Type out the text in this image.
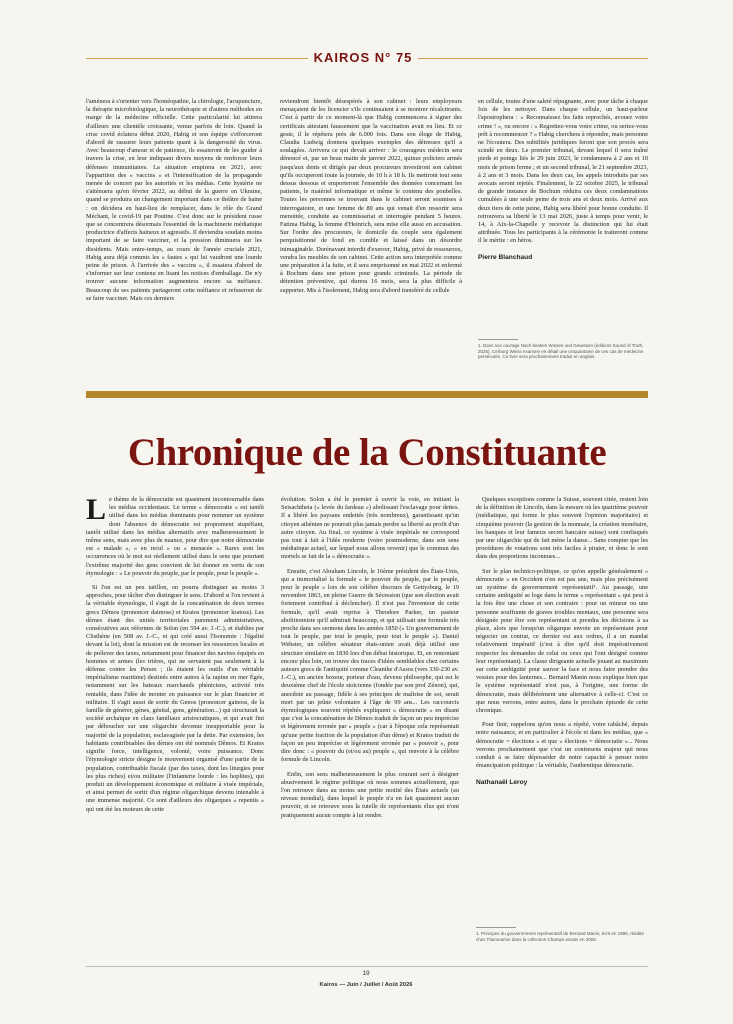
KAIROS N° 75

l'amènera à s'orienter vers l'homéopathie, la chirologie, l'acupuncture, la thérapie microbiologique, la neurothérapie et d'autres méthodes en marge de la médecine officielle. Cette particularité lui attirera d'ailleurs une clientèle croissante, venue parfois de loin. Quand la crise covid éclatera début 2020, Habig et son équipe s'efforceront d'abord de rassurer leurs patients quant à la dangerosité du virus. Avec beaucoup d'amour et de patience, ils essaieront de les guider à travers la crise, en leur indiquant divers moyens de renforcer leurs défenses immunitaires. La situation empirera en 2021, avec l'apparition des « vaccins » et l'intensification de la propagande menée de concert par les autorités et les médias. Cette hystérie ne s'atténuera qu'en février 2022, au début de la guerre en Ukraine, quand se produira un changement important dans ce théâtre de haine : on décidera en haut-lieu de remplacer, dans le rôle du Grand Méchant, le covid-19 par Poutine. C'est donc sur le président russe que se concentrera désormais l'essentiel de la machinerie médiatique productrice d'affects haineux et agressifs. Il deviendra soudain moins important de se faire vacciner, et la pression diminuera sur les dissidents. Mais entre-temps, au cours de l'année cruciale 2021, Habig aura déjà commis les « fautes » qui lui vaudront une lourde peine de prison. À l'arrivée des « vaccins », il essaiera d'abord de s'informer sur leur contenu en lisant les notices d'emballage. De n'y trouver aucune information augmentera encore sa méfiance. Beaucoup de ses patients partageront cette méfiance et refuseront de se faire vacciner. Mais ces derniers

reviendront bientôt désespérés à son cabinet : leurs employeurs menaçaient de les licencier s'ils continuaient à se montrer récalcitrants. C'est à partir de ce moment-là que Habig commencera à signer des certificats attestant faussement que la vaccination avait eu lieu. Et ce geste, il le répétera près de 6.000 fois. Dans son éloge de Habig, Claudia Ludwig donnera quelques exemples des détresses qu'il a soulagées. Arrivera ce qui devait arriver : le courageux médecin sera dénoncé et, par un beau matin de janvier 2022, quinze policiers armés jusqu'aux dents et dirigés par deux procureurs investiront son cabinet qu'ils occuperont toute la journée, de 10 h à 18 h. Ils mettront tout sens dessus dessous et emporteront l'ensemble des données concernant les patients, le matériel informatique et même le contenu des poubelles. Toutes les personnes se trouvant dans le cabinet seront soumises à interrogatoire, et une femme de 80 ans qui venait d'en ressortir sera menottée, conduite au commissariat et interrogée pendant 5 heures. Fatima Habig, la femme d'Heinrich, sera mise elle aussi en accusation. Sur l'ordre des procureurs, le domicile du couple sera également perquisitionné de fond en comble et laissé dans un désordre inimaginable. Dorénavant interdit d'exercer, Habig, privé de ressources, vendra les meubles de son cabinet. Cette action sera interprétée comme une préparation à la fuite, et il sera emprisonné en mai 2022 et enfermé à Bochum dans une prison pour grands criminels. La période de détention préventive, qui durera 16 mois, sera la plus difficile à supporter. Mis à l'isolement, Habig sera d'abord transféré de cellule

en cellule, toutes d'une saleté répugnante, avec pour tâche à chaque fois de les nettoyer. Dans chaque cellule, un haut-parleur l'apostrophera : « Reconnaissez les faits reprochés, avouez votre crime ! », ou encore : « Regrettez-vous votre crime, ou seriez-vous prêt à recommencer ? » Habig cherchera à répondre, mais personne ne l'écoutera. Des subtilités juridiques feront que son procès sera scindé en deux. Le premier tribunal, devant lequel il sera traîné pieds et poings liés le 29 juin 2023, le condamnera à 2 ans et 10 mois de prison ferme ; et un second tribunal, le 21 septembre 2023, à 2 ans et 3 mois. Dans les deux cas, les appels introduits par ses avocats seront rejetés. Finalement, le 22 octobre 2025, le tribunal de grande instance de Bochum réduira ces deux condamnations cumulées à une seule peine de trois ans et deux mois. Arrivé aux deux tiers de cette peine, Habig sera libéré pour bonne conduite. Il retrouvera sa liberté le 13 mai 2026, juste à temps pour venir, le 14, à Aix-la-Chapelle y recevoir la distinction qui lui était attribuée. Tous les participants à la cérémonie le traiteront comme il le mérite : en héros.

Pierre Blanchaud
1. Dans son ouvrage Nach bestem Wissen und Gewissen (éditions Sound of Truth, 2025), Cerburg Weiss examine en détail une cinquantaine de ces cas de médecins persécutés. Ce livre sera prochainement traduit en anglais.
Chronique de la Constituante

Le thème de la démocratie est quasiment incontournable dans les médias occidentaux. Le terme « démocratie » est tantôt utilisé dans les médias dominants pour nommer un système dont l'absence de démocratie est proprement stupéfiant, tantôt utilisé dans les médias alternatifs avec malheureusement le même sens, mais avec plus de nuance, pour dire que notre démocratie est « malade », « en recul » ou « menacée ». Rares sont les occurrences où le mot est réellement utilisé dans le sens que pourtant l'extrême majorité des gens convient de lui donner en vertu de son étymologie : « Le pouvoir du peuple, par le peuple, pour le peuple ».

Si l'on est un peu tatillon, on pourra distinguer au moins 3 approches, pour tâcher d'en distinguer le sens. D'abord si l'on revient à la véritable étymologie, il s'agit de la concaténation de deux termes grecs Dêmos (prononcer daimoss) et Kratos (prononcer kratoss). Les dèmes étant des unités territoriales purement administratives, consécutives aux réformes de Solon (en 594 av. J.-C.), et établies par Clisthène (en 508 av. J.-C., et qui créé aussi l'Isonomie : l'égalité devant la loi), dont la mission est de recenser les ressources locales et de prélever des taxes, notamment pour financer des navires équipés en hommes et armes (les trières, qui ne servaient pas seulement à la défense contre les Perses ; ils étaient les outils d'un véritable impérialisme maritime) destinés entre autres à la rapine en mer Égée, notamment sur les bateaux marchands phéniciens, activité très rentable, dans l'idée de monter en puissance sur le plan financier et militaire. Il s'agit aussi de sortir du Genos (prononcer gainoss, de la famille de générer, gènes, génital, gens, génération...) qui structurait la société archaïque en clans familiaux aristocratiques, et qui avait fini par déboucher sur une oligarchie devenue insupportable pour la majorité de la population, esclavagisée par la dette. Par extension, les habitants contribuables des dèmes ont été nommés Dêmos. Et Kratos signifie force, intelligence, volonté, voire puissance. Donc l'étymologie stricte désigne le mouvement organisé d'une partie de la population, contribuable fiscale (par des taxes, dont les liturgies pour les plus riches) et/ou militaire (l'infanterie lourde : les hoplites), qui produit un développement économique et militaire à visée impériale, et ainsi permet de sortir d'un régime oligarchique devenu intenable à une immense majorité. Ce sont d'ailleurs des oligarques « repentis » qui ont été les moteurs de cette

évolution. Solon a été le premier à ouvrir la voie, en initiant la Seisachtheia (« levée du fardeau ») abolissant l'esclavage pour dettes. Il a libéré les paysans endettés (très nombreux), garantissant qu'un citoyen athénien ne pourrait plus jamais perdre sa liberté au profit d'un autre citoyen. Au final, ce système à visée impériale ne correspond pas tout à fait à l'idée moderne (voire postmoderne, dans son sens médiatique actuel, sur lequel nous allons revenir) que le commun des mortels se fait de la « démocratie ».

Ensuite, c'est Abraham Lincoln, le 16ème président des États-Unis, qui a immortalisé la formule « le pouvoir du peuple, par le peuple, pour le peuple » lors de son célèbre discours de Gettysburg, le 19 novembre 1863, en pleine Guerre de Sécession (que son élection avait fortement contribué à déclencher). Il n'est pas l'inventeur de cette formule, qu'il avait reprise à Theodore Parker, un pasteur abolitionniste qu'il admirait beaucoup, et qui utilisait une formule très proche dans ses sermons dans les années 1850 (« Un gouvernement de tout le peuple, par tout le peuple, pour tout le peuple »). Daniel Webster, un célèbre sénateur états-unien avait déjà utilisé une structure similaire en 1830 lors d'un débat historique. Et, en remontant encore plus loin, on trouve des traces d'idées semblables chez certains auteurs grecs de l'antiquité comme Cleanthe d'Assos (vers 330-230 av. J.-C.), un ancien boxeur, porteur d'eau, devenu philosophe, qui est le deuxième chef de l'école stoïcienne (fondée par son prof Zénon), qui, anecdote au passage, fidèle à ses principes de maîtrise de soi, serait mort par un jeûne volontaire à l'âge de 99 ans... Les raccourcis étymologiques souvent répétés expliquent « démocratie » en disant que c'est la concaténation de Dêmos traduit de façon un peu imprécise et légèrement erronée par « peuple » (car à l'époque cela représentait qu'une petite fraction de la population d'un dème) et Kratos traduit de façon un peu imprécise et légèrement erronée par « pouvoir », pour dire donc : « pouvoir du (et/ou au) peuple », qui renvoie à la célèbre formule de Lincoln.

Enfin, son sens malheureusement le plus courant sert à désigner abusivement le régime politique où nous sommes actuellement, que l'on retrouve dans au moins une petite moitié des États actuels (au niveau mondial), dans lequel le peuple n'a en fait quasiment aucun pouvoir, et se retrouve sous la tutelle de représentants élus qui n'ont pratiquement aucun compte à lui rendre.

Quelques exceptions comme la Suisse, souvent citée, restent loin de la définition de Lincoln, dans la mesure où les quatrième pouvoir (médiatique, qui forme le plus souvent l'opinion majoritaire) et cinquième pouvoir (la gestion de la monnaie, la création monétaire, les banques et leur fameux secret bancaire suisse) sont confisqués par une oligarchie qui de fait mène la danse... Sans compter que les procédures de votations sont très faciles à pirater, et donc le sont dans des proportions inconnues...

Sur le plan technico-politique, ce qu'on appelle généralement « démocratie » en Occident n'en est pas une, mais plus précisément un système de gouvernement représentatif¹. Au passage, une certaine ambiguïté se loge dans le terme « représentant » qui peut à la fois être une chose et son contraire : pour un mineur ou une personne souffrante de graves troubles mentaux, une personne sera désignée pour être son représentant et prendra les décisions à sa place, alors que lorsqu'un oligarque envoie un représentant pour négocier un contrat, ce dernier est aux ordres, il a un mandat relativement impératif (c'est à dire qu'il doit impérativement respecter les demandes de celui ou ceux qui l'ont désigné comme leur représentant). La classe dirigeante actuelle jouant au maximum sur cette ambiguïté pour sauver la face et nous faire prendre des vessies pour des lanternes... Bernard Manin nous explique bien que le système représentatif n'est pas, à l'origine, une forme de démocratie, mais délibérément une alternative à celle-ci. C'est ce que nous verrons, entre autres, dans le prochain épisode de cette chronique.

Pour finir, rappelons qu'on nous a répété, voire rabâché, depuis notre naissance, et en particulier à l'école et dans les médias, que « démocratie = élections » et que « élections = démocratie »... Nous verrons prochainement que c'est un contresens majeur qui nous conduit à se faire déposséder de notre capacité à penser notre émancipation politique : la véritable, l'authentique démocratie.

Nathanaël Leroy
1. Principes du gouvernement représentatif de Bernard Manin, écrit en 1995, réédité chez Flammarion dans la collection Champs essais en 2008.
19
Kairos — Juin / Juillet / Août 2026
